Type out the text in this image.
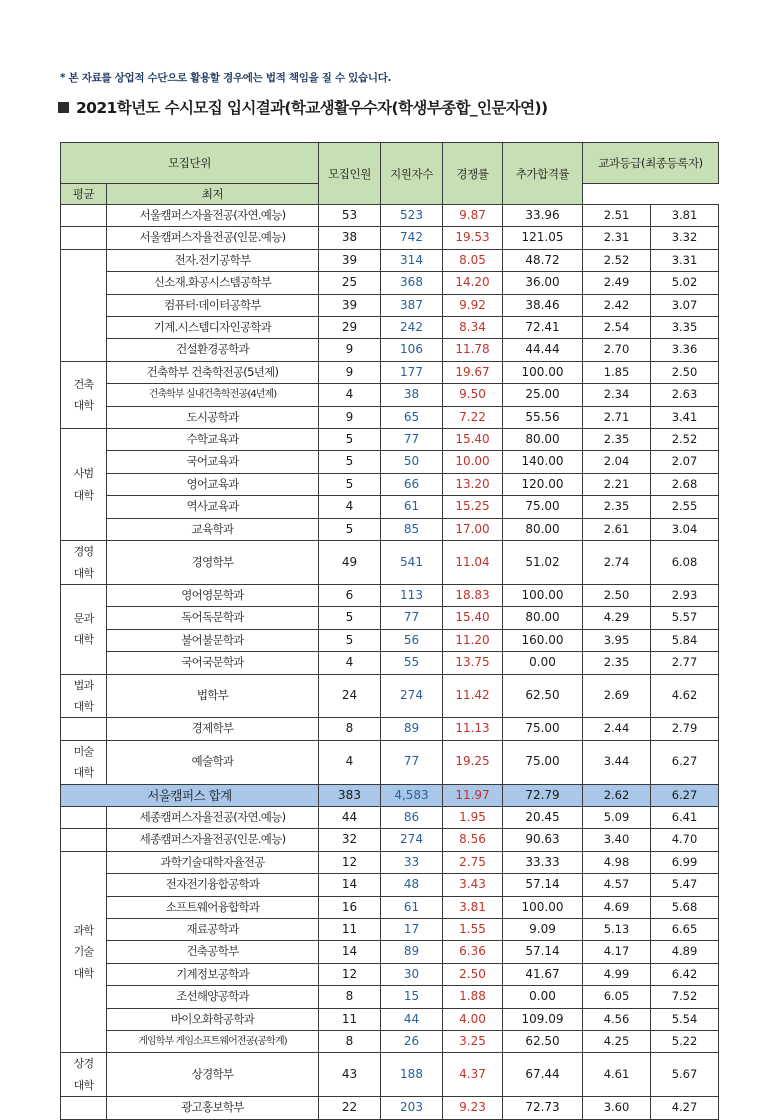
* 본 자료를 상업적 수단으로 활용할 경우에는 법적 책임을 질 수 있습니다.
2021학년도 수시모집 입시결과(학교생활우수자(학생부종합_인문자연))
모집단위		모집인원	지원자수	경쟁률	추가합격률	교과등급(최종등록자)	
평균	최저						
	서울캠퍼스자율전공(자연.예능)	53	523	9.87	33.96	2.51	3.81
	서울캠퍼스자율전공(인문.예능)	38	742	19.53	121.05	2.31	3.32
	전자.전기공학부	39	314	8.05	48.72	2.52	3.31
	신소재.화공시스템공학부	25	368	14.20	36.00	2.49	5.02
	컴퓨터·데이터공학부	39	387	9.92	38.46	2.42	3.07
	기계.시스템디자인공학과	29	242	8.34	72.41	2.54	3.35
	건설환경공학과	9	106	11.78	44.44	2.70	3.36

건축
대학	건축학부 건축학전공(5년제)	9	177	19.67	100.00	1.85	2.50
	건축학부 실내건축학전공(4년제)	4	38	9.50	25.00	2.34	2.63
	도시공학과	9	65	7.22	55.56	2.71	3.41

사범
대학	수학교육과	5	77	15.40	80.00	2.35	2.52
	국어교육과	5	50	10.00	140.00	2.04	2.07
	영어교육과	5	66	13.20	120.00	2.21	2.68
	역사교육과	4	61	15.25	75.00	2.35	2.55
	교육학과	5	85	17.00	80.00	2.61	3.04

경영
대학	경영학부	49	541	11.04	51.02	2.74	6.08

문과
대학	영어영문학과	6	113	18.83	100.00	2.50	2.93
	독어독문학과	5	77	15.40	80.00	4.29	5.57
	불어불문학과	5	56	11.20	160.00	3.95	5.84
	국어국문학과	4	55	13.75	0.00	2.35	2.77

법과
대학	법학부	24	274	11.42	62.50	2.69	4.62
	경제학부	8	89	11.13	75.00	2.44	2.79

미술
대학	예술학과	4	77	19.25	75.00	3.44	6.27
서울캠퍼스 합계		383	4,583	11.97	72.79	2.62	6.27
	세종캠퍼스자율전공(자연.예능)	44	86	1.95	20.45	5.09	6.41
	세종캠퍼스자율전공(인문.예능)	32	274	8.56	90.63	3.40	4.70

과학
기술
대학	과학기술대학자율전공	12	33	2.75	33.33	4.98	6.99
	전자전기융합공학과	14	48	3.43	57.14	4.57	5.47
	소프트웨어융합학과	16	61	3.81	100.00	4.69	5.68
	재료공학과	11	17	1.55	9.09	5.13	6.65
	건축공학부	14	89	6.36	57.14	4.17	4.89
	기계정보공학과	12	30	2.50	41.67	4.99	6.42
	조선해양공학과	8	15	1.88	0.00	6.05	7.52
	바이오화학공학과	11	44	4.00	109.09	4.56	5.54
	게임학부 게임소프트웨어전공(공학계)	8	26	3.25	62.50	4.25	5.22

상경
대학	상경학부	43	188	4.37	67.44	4.61	5.67
	광고홍보학부	22	203	9.23	72.73	3.60	4.27
